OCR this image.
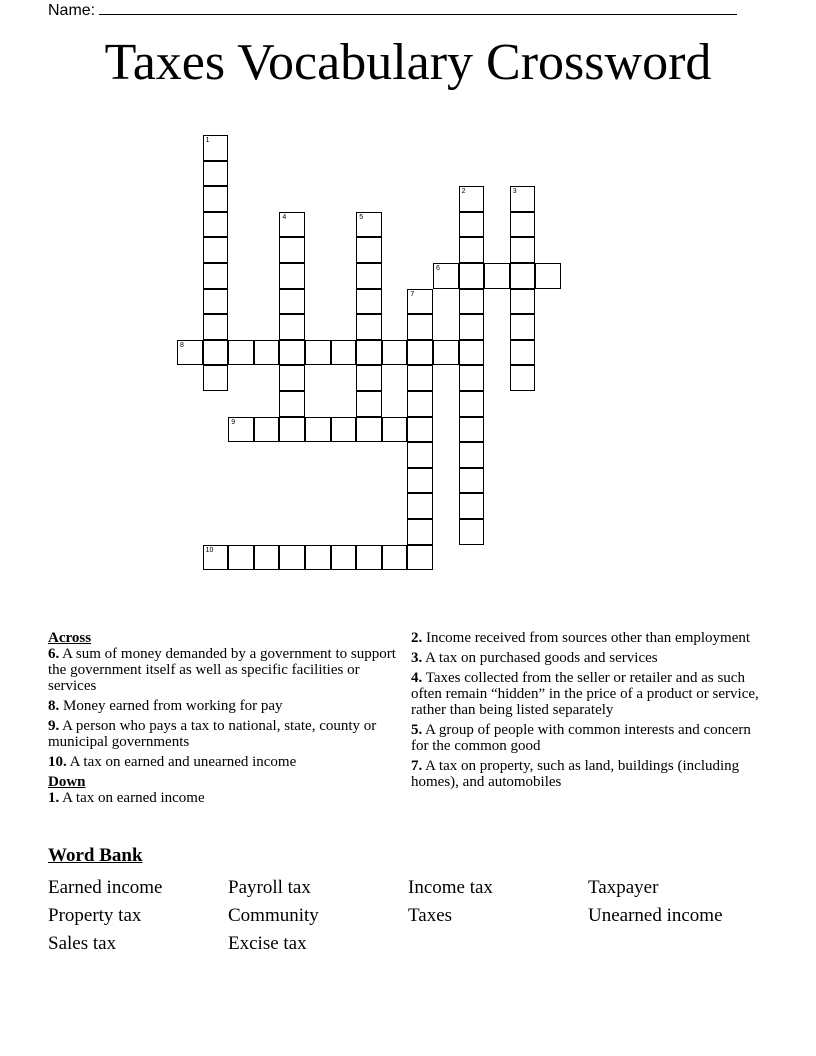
Name:
Taxes Vocabulary Crossword
1
2	3
4	5
6
7
8
9
10

Across

6. A sum of money demanded by a government to support the government itself as well as specific facilities or services

8. Money earned from working for pay

9. A person who pays a tax to national, state, county or municipal governments

10. A tax on earned and unearned income

Down

1. A tax on earned income

2. Income received from sources other than employment

3. A tax on purchased goods and services

4. Taxes collected from the seller or retailer and as such often remain “hidden” in the price of a product or service, rather than being listed separately

5. A group of people with common interests and concern for the common good

7. A tax on property, such as land, buildings (including homes), and automobiles

Word Bank
Earned income	Payroll tax	Income tax	Taxpayer
Property tax	Community	Taxes	Unearned income
Sales tax	Excise tax
